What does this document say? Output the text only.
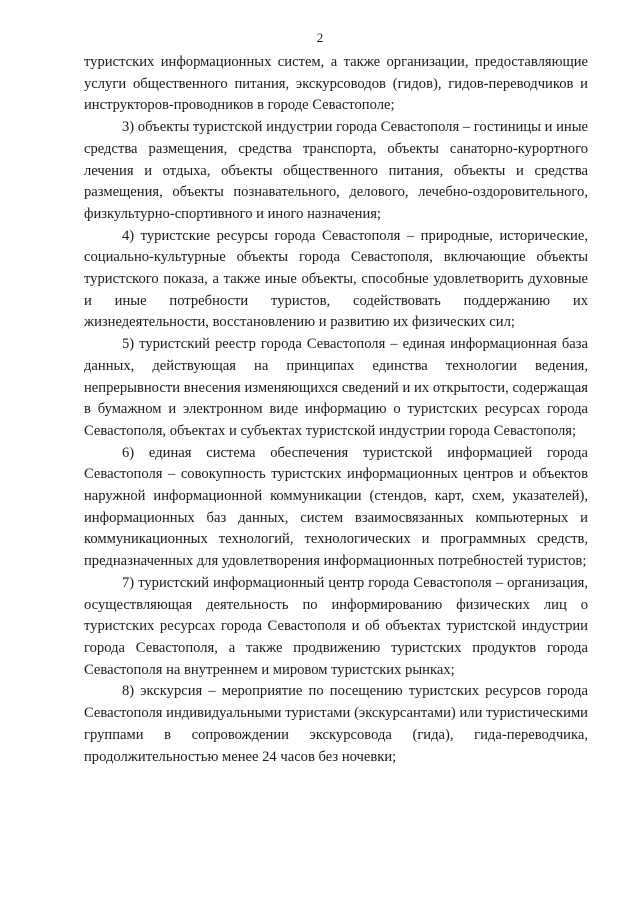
2

туристских информационных систем, а также организации, предоставляющие услуги общественного питания, экскурсоводов (гидов), гидов-переводчиков и инструкторов-проводников в городе Севастополе;

3) объекты туристской индустрии города Севастополя – гостиницы и иные средства размещения, средства транспорта, объекты санаторно-курортного лечения и отдыха, объекты общественного питания, объекты и средства размещения, объекты познавательного, делового, лечебно-оздоровительного, физкультурно-спортивного и иного назначения;

4) туристские ресурсы города Севастополя – природные, исторические, социально-культурные объекты города Севастополя, включающие объекты туристского показа, а также иные объекты, способные удовлетворить духовные и иные потребности туристов, содействовать поддержанию их жизнедеятельности, восстановлению и развитию их физических сил;

5) туристский реестр города Севастополя – единая информационная база данных, действующая на принципах единства технологии ведения, непрерывности внесения изменяющихся сведений и их открытости, содержащая в бумажном и электронном виде информацию о туристских ресурсах города Севастополя, объектах и субъектах туристской индустрии города Севастополя;

6) единая система обеспечения туристской информацией города Севастополя – совокупность туристских информационных центров и объектов наружной информационной коммуникации (стендов, карт, схем, указателей), информационных баз данных, систем взаимосвязанных компьютерных и коммуникационных технологий, технологических и программных средств, предназначенных для удовлетворения информационных потребностей туристов;

7) туристский информационный центр города Севастополя – организация, осуществляющая деятельность по информированию физических лиц о туристских ресурсах города Севастополя и об объектах туристской индустрии города Севастополя, а также продвижению туристских продуктов города Севастополя на внутреннем и мировом туристских рынках;

8) экскурсия – мероприятие по посещению туристских ресурсов города Севастополя индивидуальными туристами (экскурсантами) или туристическими группами в сопровождении экскурсовода (гида), гида-переводчика, продолжительностью менее 24 часов без ночевки;
